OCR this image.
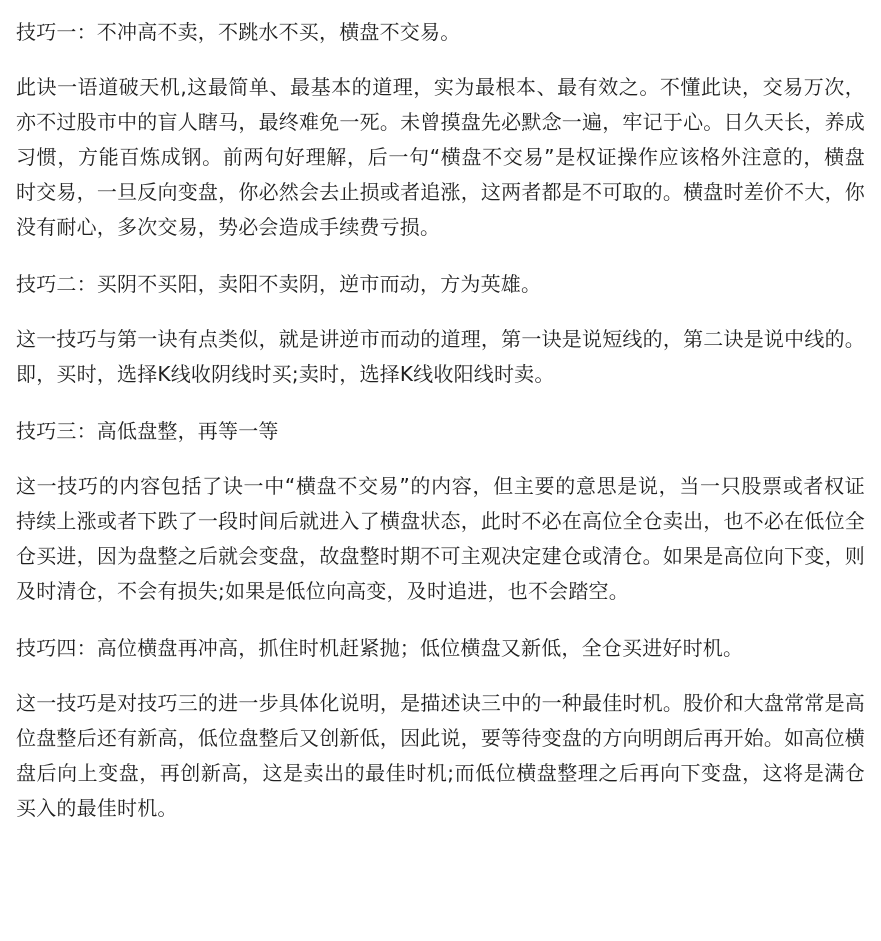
技巧一：不冲高不卖，不跳水不买，横盘不交易。

此诀一语道破天机,这最简单、最基本的道理，实为最根本、最有效之。不懂此诀，交易万次，亦不过股市中的盲人瞎马，最终难免一死。未曾摸盘先必默念一遍，牢记于心。日久天长，养成习惯，方能百炼成钢。前两句好理解，后一句“横盘不交易”是权证操作应该格外注意的，横盘时交易，一旦反向变盘，你必然会去止损或者追涨，这两者都是不可取的。横盘时差价不大，你没有耐心，多次交易，势必会造成手续费亏损。

技巧二：买阴不买阳，卖阳不卖阴，逆市而动，方为英雄。

这一技巧与第一诀有点类似，就是讲逆市而动的道理，第一诀是说短线的，第二诀是说中线的。即，买时，选择K线收阴线时买;卖时，选择K线收阳线时卖。

技巧三：高低盘整，再等一等

这一技巧的内容包括了诀一中“横盘不交易”的内容，但主要的意思是说，当一只股票或者权证持续上涨或者下跌了一段时间后就进入了横盘状态，此时不必在高位全仓卖出，也不必在低位全仓买进，因为盘整之后就会变盘，故盘整时期不可主观决定建仓或清仓。如果是高位向下变，则及时清仓，不会有损失;如果是低位向高变，及时追进，也不会踏空。

技巧四：高位横盘再冲高，抓住时机赶紧抛；低位横盘又新低，全仓买进好时机。

这一技巧是对技巧三的进一步具体化说明，是描述诀三中的一种最佳时机。股价和大盘常常是高位盘整后还有新高，低位盘整后又创新低，因此说，要等待变盘的方向明朗后再开始。如高位横盘后向上变盘，再创新高，这是卖出的最佳时机;而低位横盘整理之后再向下变盘，这将是满仓买入的最佳时机。
